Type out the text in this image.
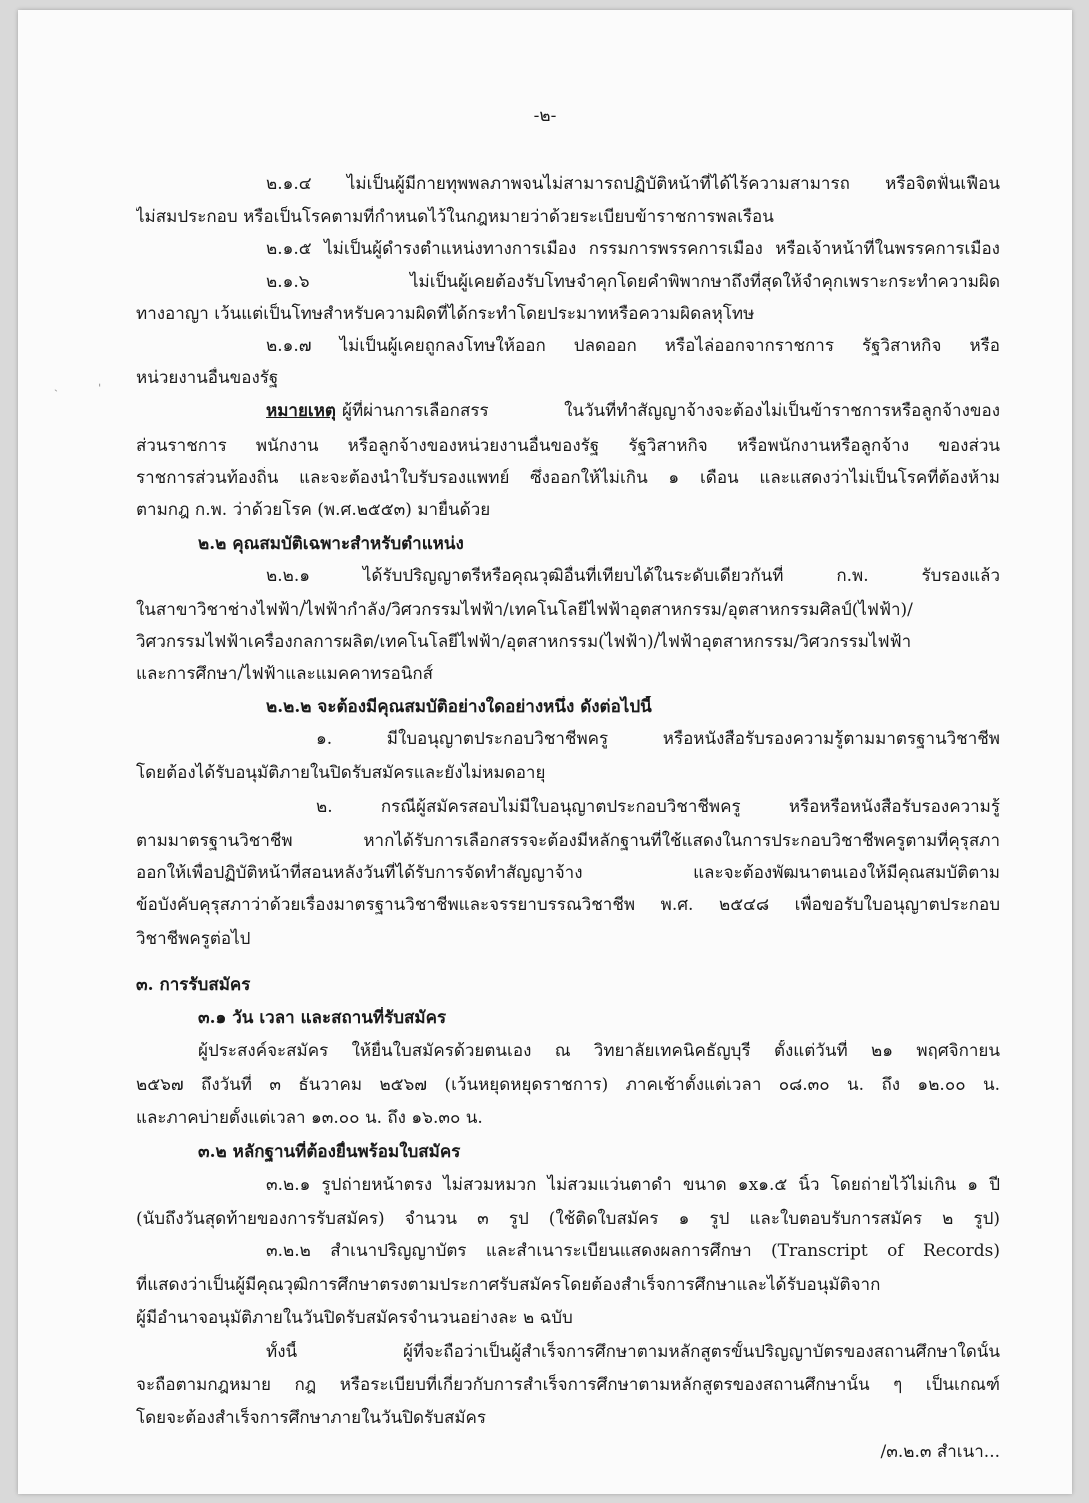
-๒-
๒.๑.๔ ไม่เป็นผู้มีกายทุพพลภาพจนไม่สามารถปฏิบัติหน้าที่ได้ไร้ความสามารถ หรือจิตฟั่นเฟือน
ไม่สมประกอบ หรือเป็นโรคตามที่กำหนดไว้ในกฎหมายว่าด้วยระเบียบข้าราชการพลเรือน
๒.๑.๕ ไม่เป็นผู้ดำรงตำแหน่งทางการเมือง กรรมการพรรคการเมือง หรือเจ้าหน้าที่ในพรรคการเมือง
๒.๑.๖ ไม่เป็นผู้เคยต้องรับโทษจำคุกโดยคำพิพากษาถึงที่สุดให้จำคุกเพราะกระทำความผิด
ทางอาญา เว้นแต่เป็นโทษสำหรับความผิดที่ได้กระทำโดยประมาทหรือความผิดลหุโทษ
๒.๑.๗ ไม่เป็นผู้เคยถูกลงโทษให้ออก ปลดออก หรือไล่ออกจากราชการ รัฐวิสาหกิจ หรือ
หน่วยงานอื่นของรัฐ
ˏ	ˈ
หมายเหตุ ผู้ที่ผ่านการเลือกสรร ในวันที่ทำสัญญาจ้างจะต้องไม่เป็นข้าราชการหรือลูกจ้างของ
ส่วนราชการ พนักงาน หรือลูกจ้างของหน่วยงานอื่นของรัฐ รัฐวิสาหกิจ หรือพนักงานหรือลูกจ้าง ของส่วน
ราชการส่วนท้องถิ่น และจะต้องนำใบรับรองแพทย์ ซึ่งออกให้ไม่เกิน ๑ เดือน และแสดงว่าไม่เป็นโรคที่ต้องห้าม
ตามกฎ ก.พ. ว่าด้วยโรค (พ.ศ.๒๕๕๓) มายื่นด้วย
๒.๒ คุณสมบัติเฉพาะสำหรับตำแหน่ง
๒.๒.๑ ได้รับปริญญาตรีหรือคุณวุฒิอื่นที่เทียบได้ในระดับเดียวกันที่ ก.พ. รับรองแล้ว
ในสาขาวิชาช่างไฟฟ้า/ไฟฟ้ากำลัง/วิศวกรรมไฟฟ้า/เทคโนโลยีไฟฟ้าอุตสาหกรรม/อุตสาหกรรมศิลป์(ไฟฟ้า)/
วิศวกรรมไฟฟ้าเครื่องกลการผลิต/เทคโนโลยีไฟฟ้า/อุตสาหกรรม(ไฟฟ้า)/ไฟฟ้าอุตสาหกรรม/วิศวกรรมไฟฟ้า
และการศึกษา/ไฟฟ้าและแมคคาทรอนิกส์
๒.๒.๒ จะต้องมีคุณสมบัติอย่างใดอย่างหนึ่ง ดังต่อไปนี้
๑. มีใบอนุญาตประกอบวิชาชีพครู หรือหนังสือรับรองความรู้ตามมาตรฐานวิชาชีพ
โดยต้องได้รับอนุมัติภายในปิดรับสมัครและยังไม่หมดอายุ
๒. กรณีผู้สมัครสอบไม่มีใบอนุญาตประกอบวิชาชีพครู หรือหรือหนังสือรับรองความรู้
ตามมาตรฐานวิชาชีพ หากได้รับการเลือกสรรจะต้องมีหลักฐานที่ใช้แสดงในการประกอบวิชาชีพครูตามที่คุรุสภา
ออกให้เพื่อปฏิบัติหน้าที่สอนหลังวันที่ได้รับการจัดทำสัญญาจ้าง และจะต้องพัฒนาตนเองให้มีคุณสมบัติตาม
ข้อบังคับคุรุสภาว่าด้วยเรื่องมาตรฐานวิชาชีพและจรรยาบรรณวิชาชีพ พ.ศ. ๒๕๔๘ เพื่อขอรับใบอนุญาตประกอบ
วิชาชีพครูต่อไป
๓. การรับสมัคร
๓.๑ วัน เวลา และสถานที่รับสมัคร
ผู้ประสงค์จะสมัคร ให้ยื่นใบสมัครด้วยตนเอง ณ วิทยาลัยเทคนิคธัญบุรี ตั้งแต่วันที่ ๒๑ พฤศจิกายน
๒๕๖๗ ถึงวันที่ ๓ ธันวาคม ๒๕๖๗ (เว้นหยุดหยุดราชการ) ภาคเช้าตั้งแต่เวลา ๐๘.๓๐ น. ถึง ๑๒.๐๐ น.
และภาคบ่ายตั้งแต่เวลา ๑๓.๐๐ น. ถึง ๑๖.๓๐ น.
๓.๒ หลักฐานที่ต้องยื่นพร้อมใบสมัคร
๓.๒.๑ รูปถ่ายหน้าตรง ไม่สวมหมวก ไม่สวมแว่นตาดำ ขนาด ๑x๑.๕ นิ้ว โดยถ่ายไว้ไม่เกิน ๑ ปี
(นับถึงวันสุดท้ายของการรับสมัคร) จำนวน ๓ รูป (ใช้ติดใบสมัคร ๑ รูป และใบตอบรับการสมัคร ๒ รูป)
๓.๒.๒ สำเนาปริญญาบัตร และสำเนาระเบียนแสดงผลการศึกษา (Transcript of Records)
ที่แสดงว่าเป็นผู้มีคุณวุฒิการศึกษาตรงตามประกาศรับสมัครโดยต้องสำเร็จการศึกษาและได้รับอนุมัติจาก
ผู้มีอำนาจอนุมัติภายในวันปิดรับสมัครจำนวนอย่างละ ๒ ฉบับ
ทั้งนี้ ผู้ที่จะถือว่าเป็นผู้สำเร็จการศึกษาตามหลักสูตรขั้นปริญญาบัตรของสถานศึกษาใดนั้น
จะถือตามกฎหมาย กฎ หรือระเบียบที่เกี่ยวกับการสำเร็จการศึกษาตามหลักสูตรของสถานศึกษานั้น ๆ เป็นเกณฑ์
โดยจะต้องสำเร็จการศึกษาภายในวันปิดรับสมัคร
/๓.๒.๓ สำเนา...
